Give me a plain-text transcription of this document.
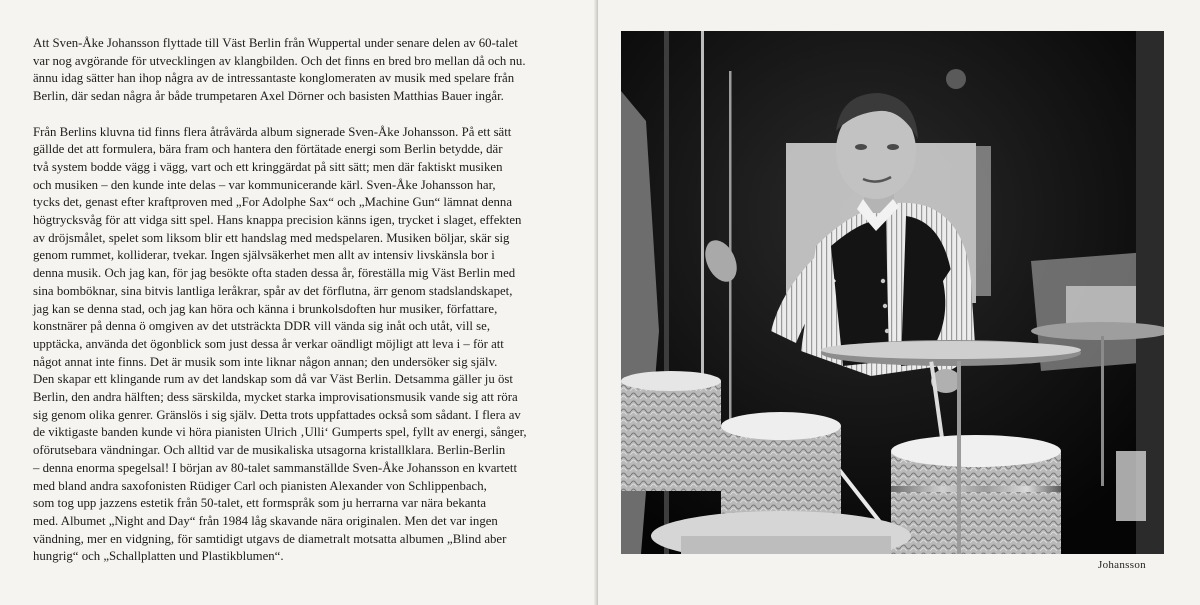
Att Sven-Åke Johansson flyttade till Väst Berlin från Wuppertal under senare delen av 60-talet
var nog avgörande för utvecklingen av klangbilden. Och det finns en bred bro mellan då och nu.
ännu idag sätter han ihop några av de intressantaste konglomeraten av musik med spelare från
Berlin, där sedan några år både trumpetaren Axel Dörner och basisten Matthias Bauer ingår.

Från Berlins kluvna tid finns flera åtråvärda album signerade Sven-Åke Johansson. På ett sätt
gällde det att formulera, bära fram och hantera den förtätade energi som Berlin betydde, där
två system bodde vägg i vägg, vart och ett kringgärdat på sitt sätt; men där faktiskt musiken
och musiken – den kunde inte delas – var kommunicerande kärl. Sven-Åke Johansson har,
tycks det, genast efter kraftproven med „For Adolphe Sax“ och „Machine Gun“ lämnat denna
högtrycksvåg för att vidga sitt spel. Hans knappa precision känns igen, trycket i slaget, effekten
av dröjsmålet, spelet som liksom blir ett handslag med medspelaren. Musiken böljar, skär sig
genom rummet, kolliderar, tvekar. Ingen självsäkerhet men allt av intensiv livskänsla bor i
denna musik. Och jag kan, för jag besökte ofta staden dessa år, föreställa mig Väst Berlin med
sina bomböknar, sina bitvis lantliga leråkrar, spår av det förflutna, ärr genom stadslandskapet,
jag kan se denna stad, och jag kan höra och känna i brunkolsdoften hur musiker, författare,
konstnärer på denna ö omgiven av det utsträckta DDR vill vända sig inåt och utåt, vill se,
upptäcka, använda det ögonblick som just dessa år verkar oändligt möjligt att leva i – för att
något annat inte finns. Det är musik som inte liknar någon annan; den undersöker sig själv.
Den skapar ett klingande rum av det landskap som då var Väst Berlin. Detsamma gäller ju öst
Berlin, den andra hälften; dess särskilda, mycket starka improvisationsmusik vande sig att röra
sig genom olika genrer. Gränslös i sig själv. Detta trots uppfattades också som sådant. I flera av
de viktigaste banden kunde vi höra pianisten Ulrich ‚Ulli‘ Gumperts spel, fyllt av energi, sånger,
oförutsebara vändningar. Och alltid var de musikaliska utsagorna kristallklara. Berlin-Berlin
– denna enorma spegelsal! I början av 80-talet sammanställde Sven-Åke Johansson en kvartett
med bland andra saxofonisten Rüdiger Carl och pianisten Alexander von Schlippenbach,
som tog upp jazzens estetik från 50-talet, ett formspråk som ju herrarna var nära bekanta
med. Albumet „Night and Day“ från 1984 låg skavande nära originalen. Men det var ingen
vändning, mer en vidgning, för samtidigt utgavs de diametralt motsatta albumen „Blind aber
hungrig“ och „Schallplatten und Plastikblumen“.

Johansson
